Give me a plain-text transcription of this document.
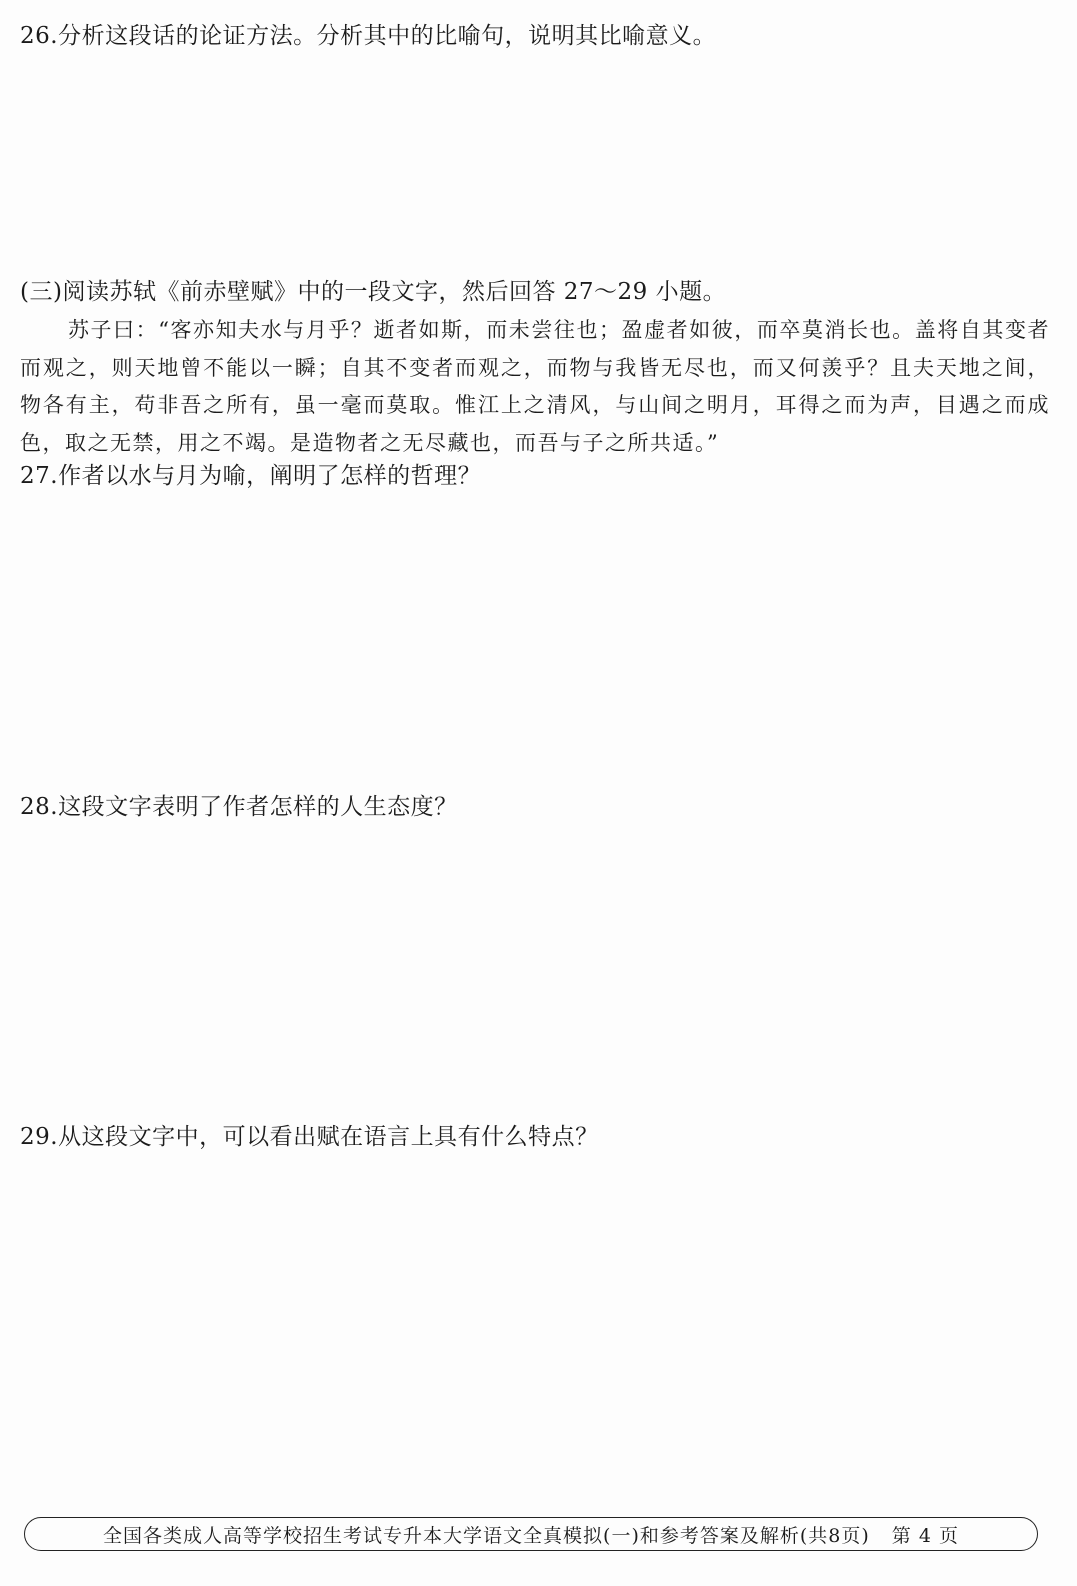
26.分析这段话的论证方法。分析其中的比喻句，说明其比喻意义。
(三)阅读苏轼《前赤壁赋》中的一段文字，然后回答 27～29 小题。
苏子曰：“客亦知夫水与月乎？逝者如斯，而未尝往也；盈虚者如彼，而卒莫消长也。盖将自其变者而观之，则天地曾不能以一瞬；自其不变者而观之，而物与我皆无尽也，而又何羡乎？且夫天地之间，物各有主，苟非吾之所有，虽一毫而莫取。惟江上之清风，与山间之明月，耳得之而为声，目遇之而成色，取之无禁，用之不竭。是造物者之无尽藏也，而吾与子之所共适。”
27.作者以水与月为喻，阐明了怎样的哲理？
28.这段文字表明了作者怎样的人生态度？
29.从这段文字中，可以看出赋在语言上具有什么特点？
全国各类成人高等学校招生考试专升本大学语文全真模拟(一)和参考答案及解析(共8页) 第 4 页
